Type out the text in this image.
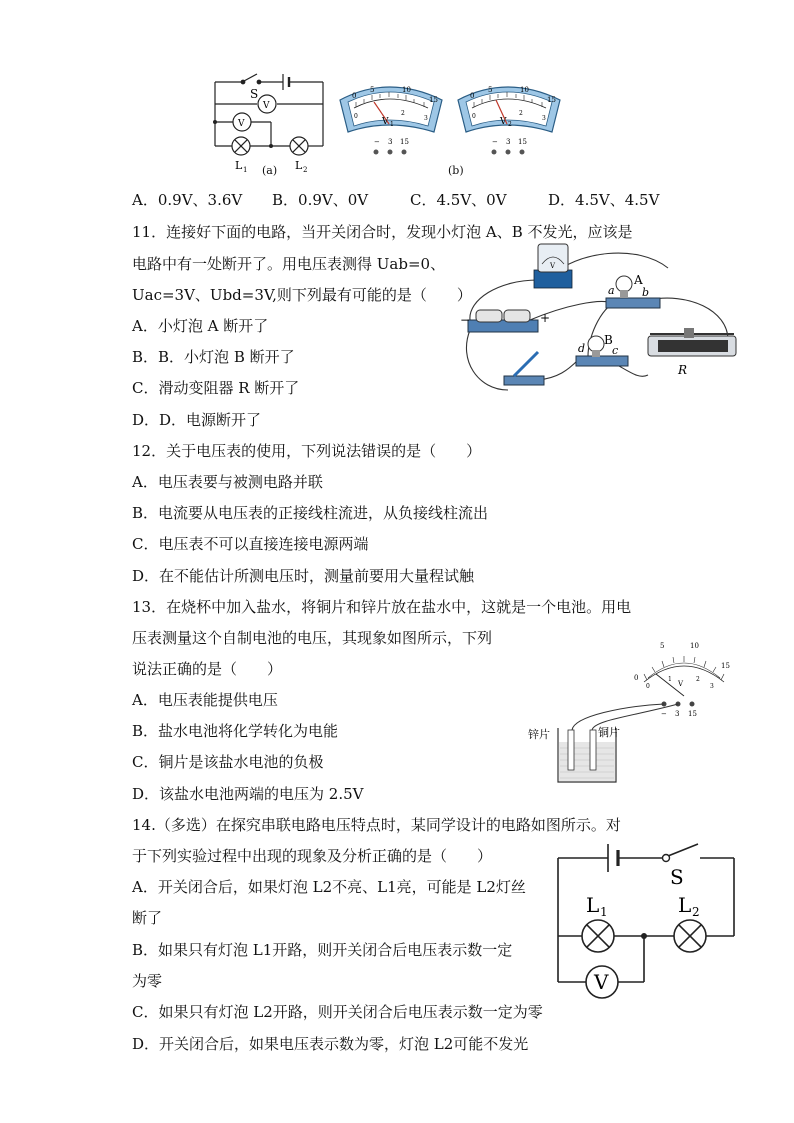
S
V
V
L 1	L 2
(a)
0
5	10
15
0	2
3
V 1
− 3 15
0
5	10
15
0	2
3
V 2
− 3 15
(b)
A．0.9V、3.6V B．0.9V、0V	C．4.5V、0V	D．4.5V、4.5V
11．连接好下面的电路，当开关闭合时，发现小灯泡 A、B 不发光，应该是
电路中有一处断开了。用电压表测得 Uab=0、
Uac=3V、Ubd=3V,则下列最有可能的是（　　）
A．小灯泡 A 断开了
B．B．小灯泡 B 断开了
C．滑动变阻器 R 断开了
D．D．电源断开了
V
A
a b
−	+
B
d c
R
12．关于电压表的使用，下列说法错误的是（　　）
A．电压表要与被测电路并联
B．电流要从电压表的正接线柱流进，从负接线柱流出
C．电压表不可以直接连接电源两端
D．在不能估计所测电压时，测量前要用大量程试触
13．在烧杯中加入盐水，将铜片和锌片放在盐水中，这就是一个电池。用电
压表测量这个自制电池的电压，其现象如图所示，下列
说法正确的是（　　）
A．电压表能提供电压
B．盐水电池将化学转化为电能
C．铜片是该盐水电池的负极
D．该盐水电池两端的电压为 2.5V
0
5	10
15
0
1	2
3
V
− 3 15
锌片	铜片
14.（多选）在探究串联电路电压特点时，某同学设计的电路如图所示。对
于下列实验过程中出现的现象及分析正确的是（　　）
A．开关闭合后，如果灯泡 L2不亮、L1亮，可能是 L2灯丝
断了
B．如果只有灯泡 L1开路，则开关闭合后电压表示数一定
为零
C．如果只有灯泡 L2开路，则开关闭合后电压表示数一定为零
D．开关闭合后，如果电压表示数为零，灯泡 L2可能不发光
S
L 1	L 2
V
